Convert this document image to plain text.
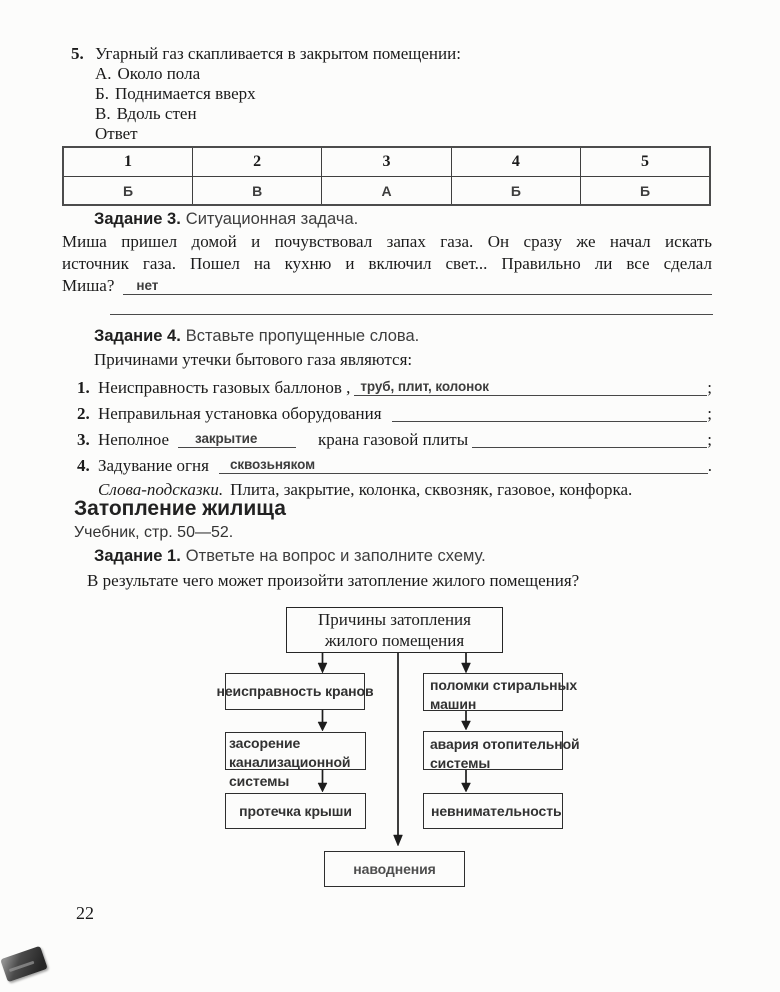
5. Угарный газ скапливается в закрытом помещении:
А. Около пола
Б. Поднимается вверх
В. Вдоль стен
Ответ
1	2	3	4	5
Б	В	А	Б	Б
Задание 3. Ситуационная задача.
Миша пришел домой и почувствовал запах газа. Он сразу же начал искать
источник газа. Пошел на кухню и включил свет... Правильно ли все сделал
Миша?	нет
Задание 4. Вставьте пропущенные слова.
Причинами утечки бытового газа являются:
1. Неисправность газовых баллонов , труб, плит, колонок	;
2. Неправильная установка оборудования	;
3. Неполное	закрытие	крана газовой плиты	;
4. Задувание огня	сквозьняком	.
Слова-подсказки. Плита, закрытие, колонка, сквозняк, газовое, конфорка.
Затопление жилища
Учебник, стр. 50—52.
Задание 1. Ответьте на вопрос и заполните схему.
В результате чего может произойти затопление жилого помещения?
Причины затопления жилого помещения
неисправность кранов
засорение канализационной системы
протечка крыши
поломки стиральных машин
авария отопительной системы
невнимательность
наводнения
22
